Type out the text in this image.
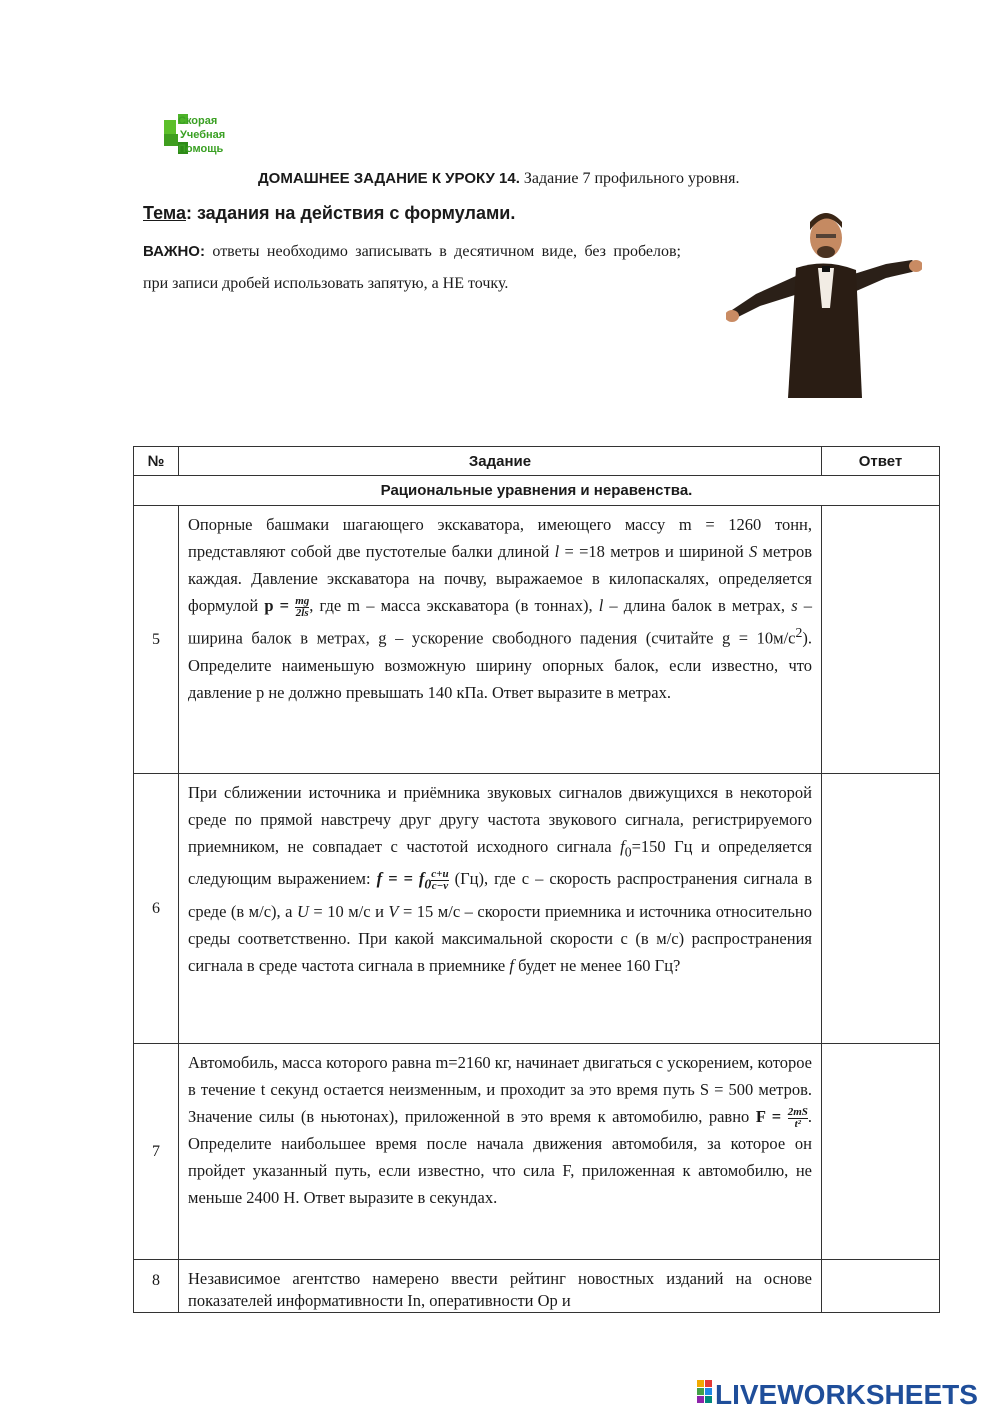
Скорая
Учебная
Помощь
ДОМАШНЕЕ ЗАДАНИЕ К УРОКУ 14. Задание 7 профильного уровня.
Тема: задания на действия с формулами.
ВАЖНО: ответы необходимо записывать в десятичном виде, без пробелов; при записи дробей использовать запятую, а НЕ точку.
№	Задание	Ответ
Рациональные уравнения и неравенства.		
5	Опорные башмаки шагающего экскаватора, имеющего массу m = 1260 тонн, представляют собой две пустотелые балки длиной l = =18 метров и шириной S метров каждая. Давление экскаватора на почву, выражаемое в килопаскалях, определяется формулой $p = \frac{mg}{2ls}$ , где m – масса экскаватора (в тоннах), l – длина балок в метрах, s – ширина балок в метрах, g – ускорение свободного падения (считайте $g = 10м/с^2$). Определите наименьшую возможную ширину опорных балок, если известно, что давление p не должно превышать 140 кПа. Ответ выразите в метрах.	
6	При сближении источника и приёмника звуковых сигналов движущихся в некоторой среде по прямой навстречу друг другу частота звукового сигнала, регистрируемого приемником, не совпадает с частотой исходного сигнала $f_0=150$ Гц и определяется следующим выражением: f = = $f_0 \frac{c+u}{c-v} (Гц)$, где c – скорость распространения сигнала в среде (в м/с), а U = 10 м/с и V = 15 м/с – скорости приемника и источника относительно среды соответственно. При какой максимальной скорости c (в м/с) распространения сигнала в среде частота сигнала в приемнике f будет не менее 160 Гц?	
7	Автомобиль, масса которого равна m=2160 кг, начинает двигаться с ускорением, которое в течение t секунд остается неизменным, и проходит за это время путь S = 500 метров. Значение силы (в ньютонах), приложенной в это время к автомобилю, равно $F = \frac{2mS}{\text{t²}}$ . Определите наибольшее время после начала движения автомобиля, за которое он пройдет указанный путь, если известно, что сила F, приложенная к автомобилю, не меньше 2400 Н. Ответ выразите в секундах.	
8	Независимое агентство намерено ввести рейтинг новостных изданий на основе показателей информативности In, оперативности Op и	
LIVEWORKSHEETS
